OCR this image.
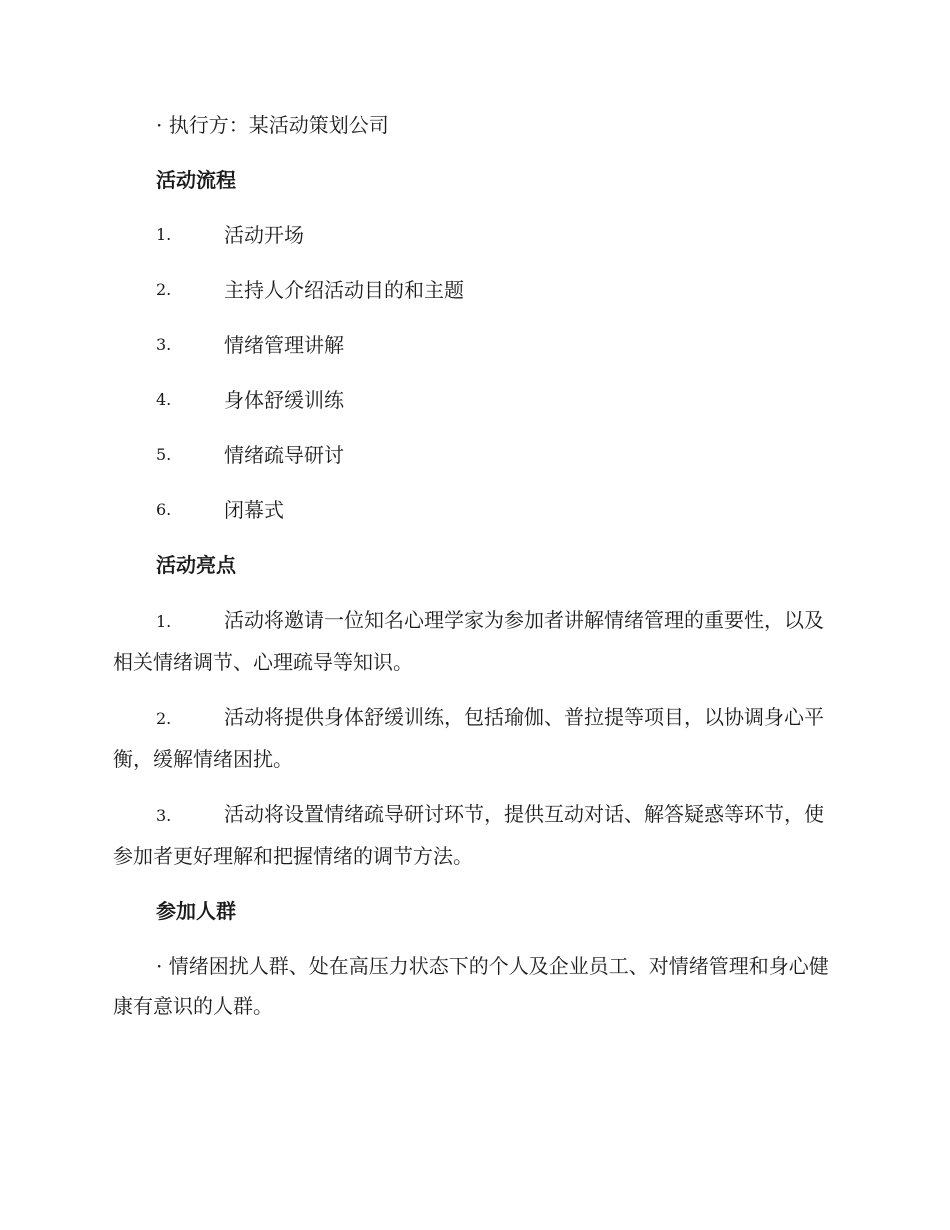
· 执行方：某活动策划公司

活动流程
1.	活动开场
2.	主持人介绍活动目的和主题
3.	情绪管理讲解
4.	身体舒缓训练
5.	情绪疏导研讨
6.	闭幕式
活动亮点

1.	活动将邀请一位知名心理学家为参加者讲解情绪管理的重要性，以及相关情绪调节、心理疏导等知识。

2.	活动将提供身体舒缓训练，包括瑜伽、普拉提等项目，以协调身心平衡，缓解情绪困扰。

3.	活动将设置情绪疏导研讨环节，提供互动对话、解答疑惑等环节，使参加者更好理解和把握情绪的调节方法。

参加人群

· 情绪困扰人群、处在高压力状态下的个人及企业员工、对情绪管理和身心健康有意识的人群。
